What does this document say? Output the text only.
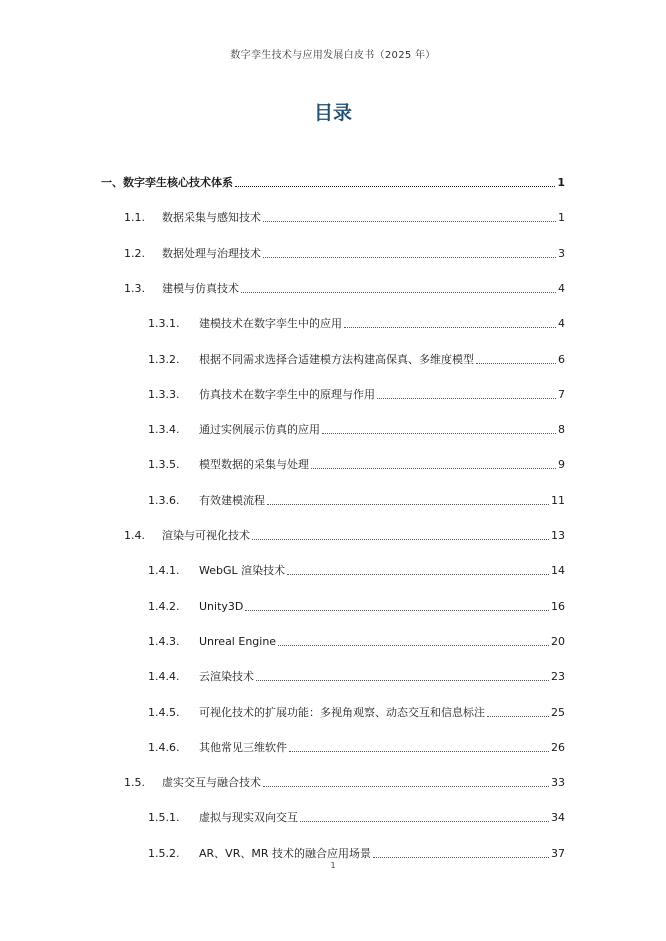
数字孪生技术与应用发展白皮书（2025 年）
目录
一、 数字孪生核心技术体系	1
1.1.	数据采集与感知技术	1
1.2.	数据处理与治理技术	3
1.3.	建模与仿真技术	4
1.3.1.	建模技术在数字孪生中的应用	4
1.3.2.	根据不同需求选择合适建模方法构建高保真、多维度模型	6
1.3.3.	仿真技术在数字孪生中的原理与作用	7
1.3.4.	通过实例展示仿真的应用	8
1.3.5.	模型数据的采集与处理	9
1.3.6.	有效建模流程	11
1.4.	渲染与可视化技术	13
1.4.1.	WebGL 渲染技术	14
1.4.2.	Unity3D	16
1.4.3.	Unreal Engine	20
1.4.4.	云渲染技术	23
1.4.5.	可视化技术的扩展功能：多视角观察、动态交互和信息标注	25
1.4.6.	其他常见三维软件	26
1.5.	虚实交互与融合技术	33
1.5.1.	虚拟与现实双向交互	34
1.5.2.	AR、VR、MR 技术的融合应用场景	37
1
